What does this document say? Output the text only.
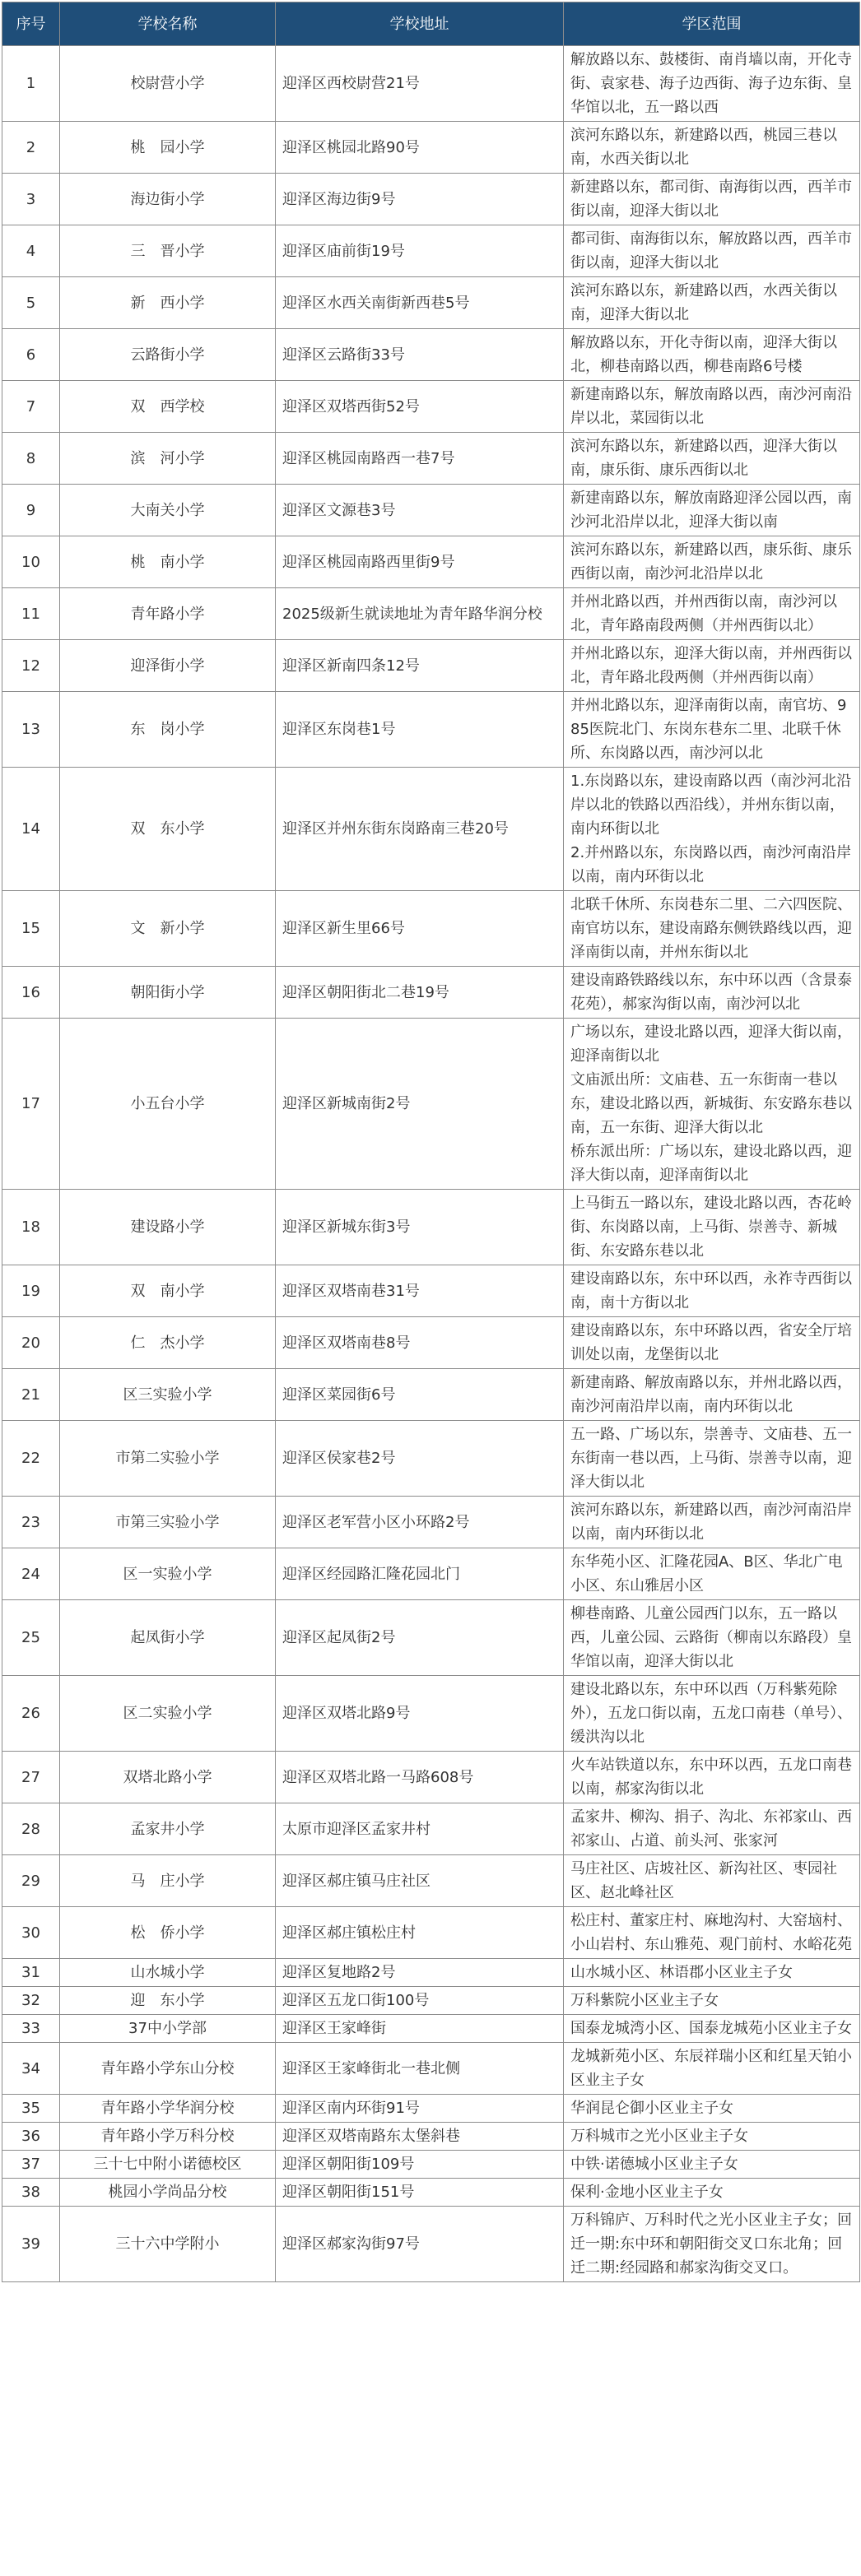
序号	学校名称	学校地址	学区范围
1	校尉营小学	迎泽区西校尉营21号	解放路以东、鼓楼街、南肖墙以南，开化寺街、袁家巷、海子边西街、海子边东街、皇华馆以北，五一路以西
2	桃　园小学	迎泽区桃园北路90号	滨河东路以东，新建路以西，桃园三巷以南，水西关街以北
3	海边街小学	迎泽区海边街9号	新建路以东，都司街、南海街以西，西羊市街以南，迎泽大街以北
4	三　晋小学	迎泽区庙前街19号	都司街、南海街以东，解放路以西，西羊市街以南，迎泽大街以北
5	新　西小学	迎泽区水西关南街新西巷5号	滨河东路以东，新建路以西，水西关街以南，迎泽大街以北
6	云路街小学	迎泽区云路街33号	解放路以东，开化寺街以南，迎泽大街以北，柳巷南路以西，柳巷南路6号楼
7	双　西学校	迎泽区双塔西街52号	新建南路以东，解放南路以西，南沙河南沿岸以北，菜园街以北
8	滨　河小学	迎泽区桃园南路西一巷7号	滨河东路以东，新建路以西，迎泽大街以南，康乐街、康乐西街以北
9	大南关小学	迎泽区文源巷3号	新建南路以东，解放南路迎泽公园以西，南沙河北沿岸以北，迎泽大街以南
10	桃　南小学	迎泽区桃园南路西里街9号	滨河东路以东，新建路以西，康乐街、康乐西街以南，南沙河北沿岸以北
11	青年路小学	2025级新生就读地址为青年路华润分校	并州北路以西，并州西街以南，南沙河以北，青年路南段两侧（并州西街以北）
12	迎泽街小学	迎泽区新南四条12号	并州北路以东，迎泽大街以南，并州西街以北，青年路北段两侧（并州西街以南）
13	东　岗小学	迎泽区东岗巷1号	并州北路以东，迎泽南街以南，南官坊、985医院北门、东岗东巷东二里、北联千休所、东岗路以西，南沙河以北
14	双　东小学	迎泽区并州东街东岗路南三巷20号	1.东岗路以东，建设南路以西（南沙河北沿岸以北的铁路以西沿线），并州东街以南，南内环街以北
2.并州路以东，东岗路以西，南沙河南沿岸以南，南内环街以北
15	文　新小学	迎泽区新生里66号	北联千休所、东岗巷东二里、二六四医院、南官坊以东，建设南路东侧铁路线以西，迎泽南街以南，并州东街以北
16	朝阳街小学	迎泽区朝阳街北二巷19号	建设南路铁路线以东，东中环以西（含景泰花苑），郝家沟街以南，南沙河以北
17	小五台小学	迎泽区新城南街2号	广场以东，建设北路以西，迎泽大街以南，迎泽南街以北
文庙派出所：文庙巷、五一东街南一巷以东，建设北路以西，新城街、东安路东巷以南，五一东街、迎泽大街以北
桥东派出所：广场以东，建设北路以西，迎泽大街以南，迎泽南街以北
18	建设路小学	迎泽区新城东街3号	上马街五一路以东，建设北路以西，杏花岭街、东岗路以南，上马街、崇善寺、新城街、东安路东巷以北
19	双　南小学	迎泽区双塔南巷31号	建设南路以东，东中环以西，永祚寺西街以南，南十方街以北
20	仁　杰小学	迎泽区双塔南巷8号	建设南路以东，东中环路以西，省安全厅培训处以南，龙堡街以北
21	区三实验小学	迎泽区菜园街6号	新建南路、解放南路以东，并州北路以西，南沙河南沿岸以南，南内环街以北
22	市第二实验小学	迎泽区侯家巷2号	五一路、广场以东，崇善寺、文庙巷、五一东街南一巷以西，上马街、崇善寺以南，迎泽大街以北
23	市第三实验小学	迎泽区老军营小区小环路2号	滨河东路以东，新建路以西，南沙河南沿岸以南，南内环街以北
24	区一实验小学	迎泽区经园路汇隆花园北门	东华苑小区、汇隆花园A、B区、华北广电小区、东山雅居小区
25	起凤街小学	迎泽区起凤街2号	柳巷南路、儿童公园西门以东，五一路以西，儿童公园、云路街（柳南以东路段）皇华馆以南，迎泽大街以北
26	区二实验小学	迎泽区双塔北路9号	建设北路以东，东中环以西（万科紫苑除外），五龙口街以南，五龙口南巷（单号）、缓洪沟以北
27	双塔北路小学	迎泽区双塔北路一马路608号	火车站铁道以东，东中环以西，五龙口南巷以南，郝家沟街以北
28	孟家井小学	太原市迎泽区孟家井村	孟家井、柳沟、捐子、沟北、东祁家山、西祁家山、占道、前头河、张家河
29	马　庄小学	迎泽区郝庄镇马庄社区	马庄社区、店坡社区、新沟社区、枣园社区、赵北峰社区
30	松　侨小学	迎泽区郝庄镇松庄村	松庄村、董家庄村、麻地沟村、大窑垴村、小山岩村、东山雅苑、观门前村、水峪花苑
31	山水城小学	迎泽区复地路2号	山水城小区、林语郡小区业主子女
32	迎　东小学	迎泽区五龙口街100号	万科紫院小区业主子女
33	37中小学部	迎泽区王家峰街	国泰龙城湾小区、国泰龙城苑小区业主子女
34	青年路小学东山分校	迎泽区王家峰街北一巷北侧	龙城新苑小区、东辰祥瑞小区和红星天铂小区业主子女
35	青年路小学华润分校	迎泽区南内环街91号	华润昆仑御小区业主子女
36	青年路小学万科分校	迎泽区双塔南路东太堡斜巷	万科城市之光小区业主子女
37	三十七中附小诺德校区	迎泽区朝阳街109号	中铁·诺德城小区业主子女
38	桃园小学尚品分校	迎泽区朝阳街151号	保利·金地小区业主子女
39	三十六中学附小	迎泽区郝家沟街97号	万科锦庐、万科时代之光小区业主子女；回迁一期:东中环和朝阳街交叉口东北角；回迁二期:经园路和郝家沟街交叉口。
